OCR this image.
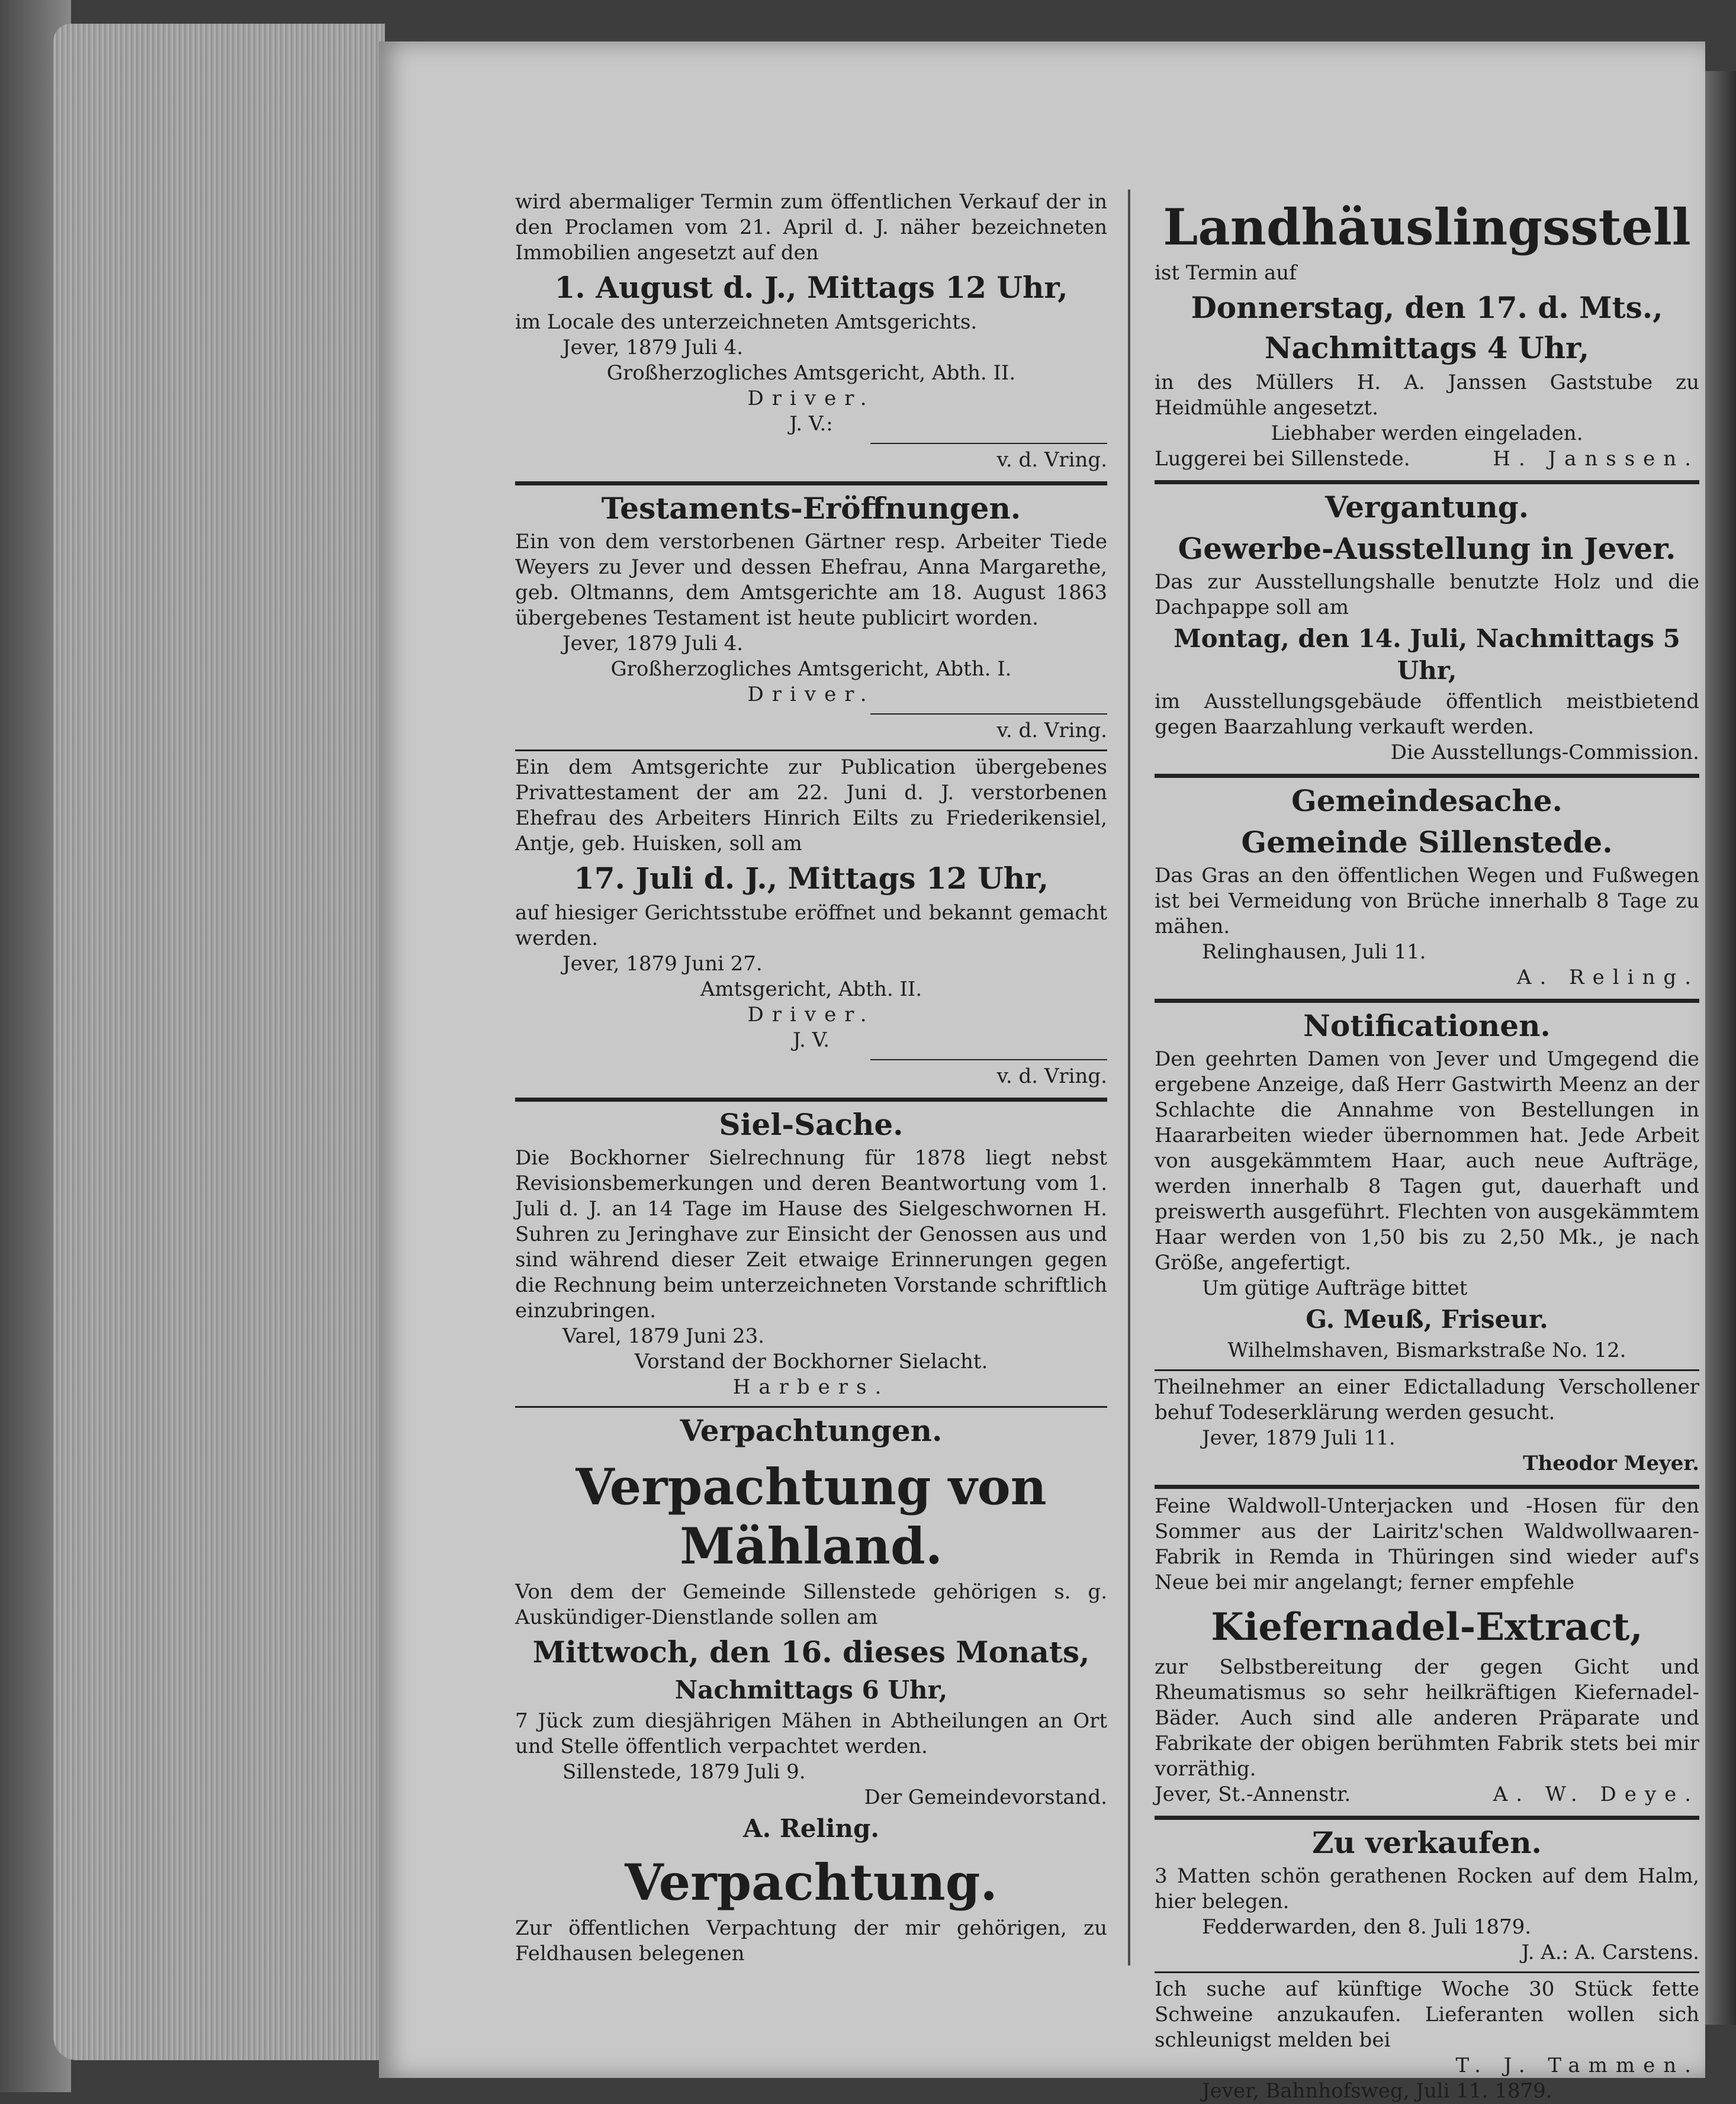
wird abermaliger Termin zum öffentlichen Verkauf der in den Proclamen vom 21. April d. J. näher bezeichneten Immobilien angesetzt auf den

1. August d. J., Mittags 12 Uhr,

im Locale des unterzeichneten Amtsgerichts.

Jever, 1879 Juli 4.

Großherzogliches Amtsgericht, Abth. II.

Driver.

J. V.:

v. d. Vring.

Testaments-Eröffnungen.

Ein von dem verstorbenen Gärtner resp. Arbeiter Tiede Weyers zu Jever und dessen Ehefrau, Anna Margarethe, geb. Oltmanns, dem Amtsgerichte am 18. August 1863 übergebenes Testament ist heute publicirt worden.

Jever, 1879 Juli 4.

Großherzogliches Amtsgericht, Abth. I.

Driver.

v. d. Vring.

Ein dem Amtsgerichte zur Publication übergebenes Privattestament der am 22. Juni d. J. verstorbenen Ehefrau des Arbeiters Hinrich Eilts zu Friederikensiel, Antje, geb. Huisken, soll am

17. Juli d. J., Mittags 12 Uhr,

auf hiesiger Gerichtsstube eröffnet und bekannt gemacht werden.

Jever, 1879 Juni 27.

Amtsgericht, Abth. II.

Driver.

J. V.

v. d. Vring.

Siel-Sache.

Die Bockhorner Sielrechnung für 1878 liegt nebst Revisionsbemerkungen und deren Beantwortung vom 1. Juli d. J. an 14 Tage im Hause des Sielgeschwornen H. Suhren zu Jeringhave zur Einsicht der Genossen aus und sind während dieser Zeit etwaige Erinnerungen gegen die Rechnung beim unterzeichneten Vorstande schriftlich einzubringen.

Varel, 1879 Juni 23.

Vorstand der Bockhorner Sielacht.

Harbers.

Verpachtungen.

Verpachtung von Mähland.

Von dem der Gemeinde Sillenstede gehörigen s. g. Auskündiger-Dienstlande sollen am

Mittwoch, den 16. dieses Monats,

Nachmittags 6 Uhr,

7 Jück zum diesjährigen Mähen in Abtheilungen an Ort und Stelle öffentlich verpachtet werden.

Sillenstede, 1879 Juli 9.

Der Gemeindevorstand.

A. Reling.

Verpachtung.

Zur öffentlichen Verpachtung der mir gehörigen, zu Feldhausen belegenen

Landhäuslingsstell

ist Termin auf

Donnerstag, den 17. d. Mts.,

Nachmittags 4 Uhr,

in des Müllers H. A. Janssen Gaststube zu Heidmühle angesetzt.

Liebhaber werden eingeladen.

Luggerei bei Sillenstede.	H. Janssen.

Vergantung.

Gewerbe-Ausstellung in Jever.

Das zur Ausstellungshalle benutzte Holz und die Dachpappe soll am

Montag, den 14. Juli, Nachmittags 5 Uhr,

im Ausstellungsgebäude öffentlich meistbietend gegen Baarzahlung verkauft werden.

Die Ausstellungs-Commission.

Gemeindesache.

Gemeinde Sillenstede.

Das Gras an den öffentlichen Wegen und Fußwegen ist bei Vermeidung von Brüche innerhalb 8 Tage zu mähen.

Relinghausen, Juli 11.

A. Reling.

Notificationen.

Den geehrten Damen von Jever und Umgegend die ergebene Anzeige, daß Herr Gastwirth Meenz an der Schlachte die Annahme von Bestellungen in Haararbeiten wieder übernommen hat. Jede Arbeit von ausgekämmtem Haar, auch neue Aufträge, werden innerhalb 8 Tagen gut, dauerhaft und preiswerth ausgeführt. Flechten von ausgekämmtem Haar werden von 1,50 bis zu 2,50 Mk., je nach Größe, angefertigt.

Um gütige Aufträge bittet

G. Meuß, Friseur.

Wilhelmshaven, Bismarkstraße No. 12.

Theilnehmer an einer Edictalladung Verschollener behuf Todeserklärung werden gesucht.

Jever, 1879 Juli 11.

Theodor Meyer.

Feine Waldwoll-Unterjacken und -Hosen für den Sommer aus der Lairitz'schen Waldwollwaaren-Fabrik in Remda in Thüringen sind wieder auf's Neue bei mir angelangt; ferner empfehle

Kiefernadel-Extract,

zur Selbstbereitung der gegen Gicht und Rheumatismus so sehr heilkräftigen Kiefernadel-Bäder. Auch sind alle anderen Präparate und Fabrikate der obigen berühmten Fabrik stets bei mir vorräthig.

Jever, St.-Annenstr.	A. W. Deye.

Zu verkaufen.

3 Matten schön gerathenen Rocken auf dem Halm, hier belegen.

Fedderwarden, den 8. Juli 1879.

J. A.: A. Carstens.

Ich suche auf künftige Woche 30 Stück fette Schweine anzukaufen. Lieferanten wollen sich schleunigst melden bei

T. J. Tammen.

Jever, Bahnhofsweg, Juli 11. 1879.
